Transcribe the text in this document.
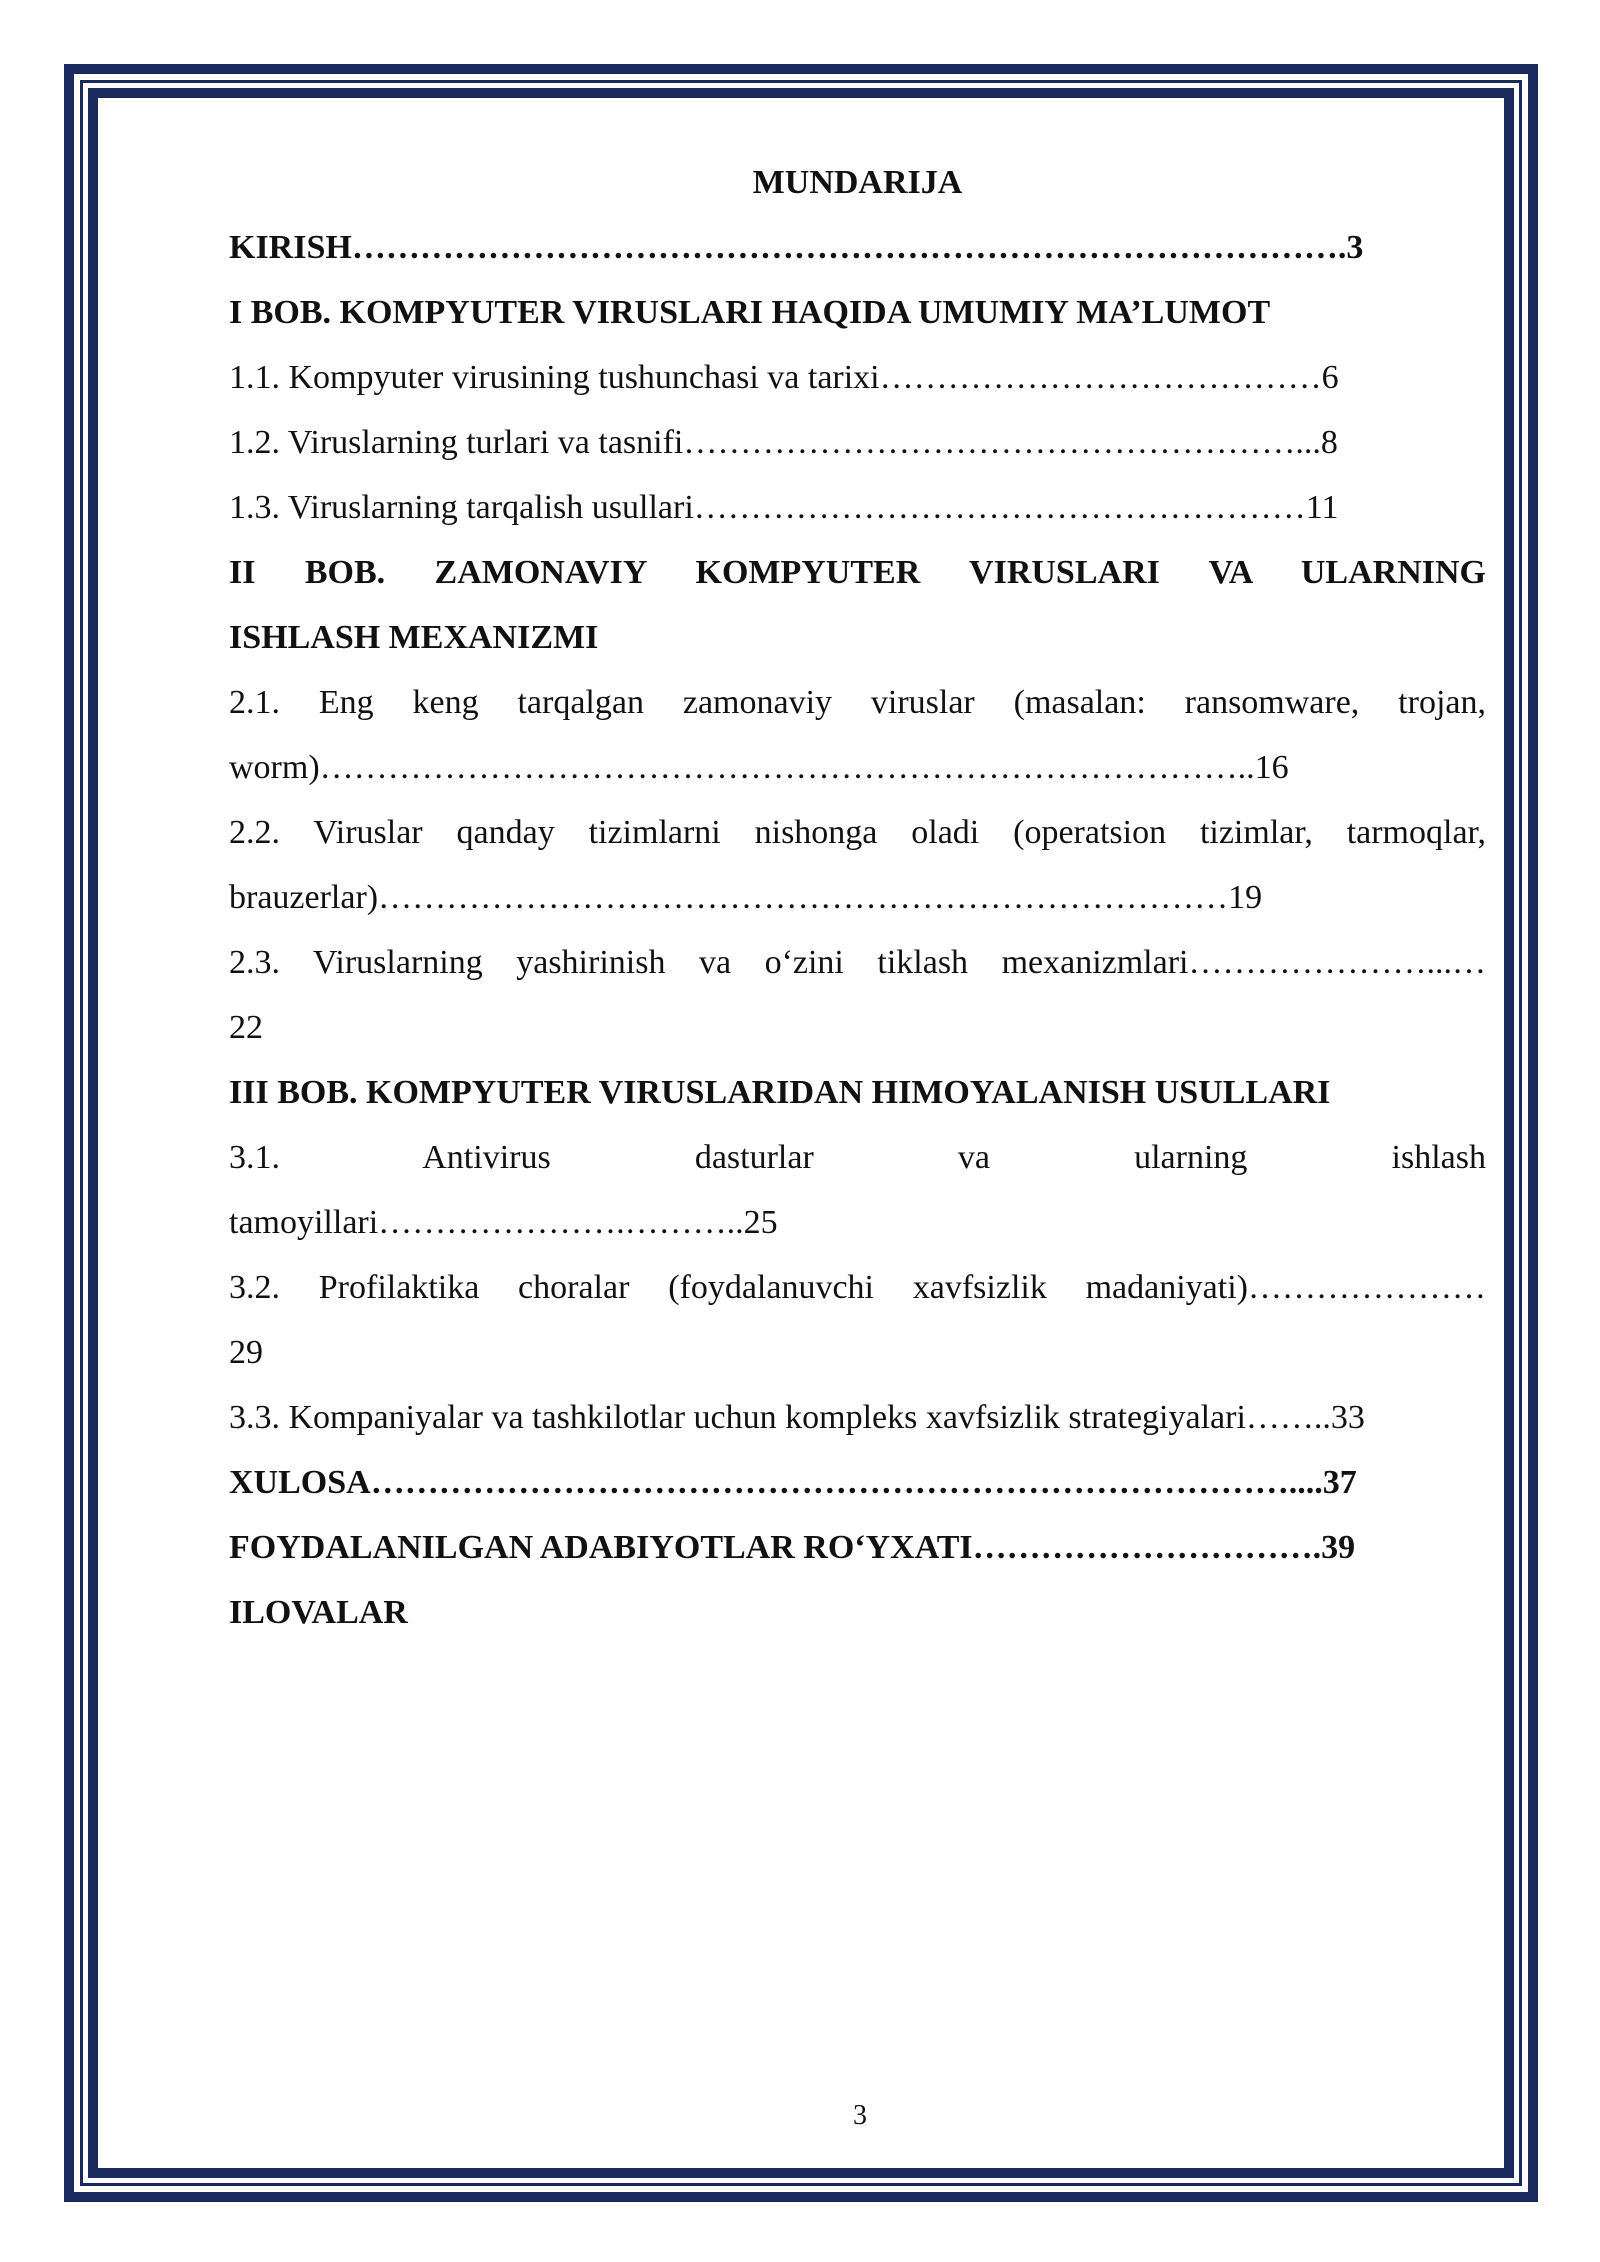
MUNDARIJA
KIRISH…………………………………………………………………………….3
I BOB. KOMPYUTER VIRUSLARI HAQIDA UMUMIY MA’LUMOT
1.1. Kompyuter virusining tushunchasi va tarixi…………………………………6
1.2. Viruslarning turlari va tasnifi………………………………………………...8
1.3. Viruslarning tarqalish usullari………………………………………………11
II BOB. ZAMONAVIY KOMPYUTER VIRUSLARI VA ULARNING
ISHLASH MEXANIZMI
2.1. Eng keng tarqalgan zamonaviy viruslar (masalan: ransomware, trojan,
worm)………………………………………………………………………..16
2.2. Viruslar qanday tizimlarni nishonga oladi (operatsion tizimlar, tarmoqlar,
brauzerlar)…………………………………………………………………19
2.3. Viruslarning yashirinish va o‘zini tiklash mexanizmlari…………………...…
22
III BOB. KOMPYUTER VIRUSLARIDAN HIMOYALANISH USULLARI
3.1. Antivirus dasturlar va ularning ishlash
tamoyillari………………….………..25
3.2. Profilaktika choralar (foydalanuvchi xavfsizlik madaniyati)…………………
29
3.3. Kompaniyalar va tashkilotlar uchun kompleks xavfsizlik strategiyalari……..33
XULOSA………………………………………………………………………....37
FOYDALANILGAN ADABIYOTLAR RO‘YXATI………………………….39
ILOVALAR
3
